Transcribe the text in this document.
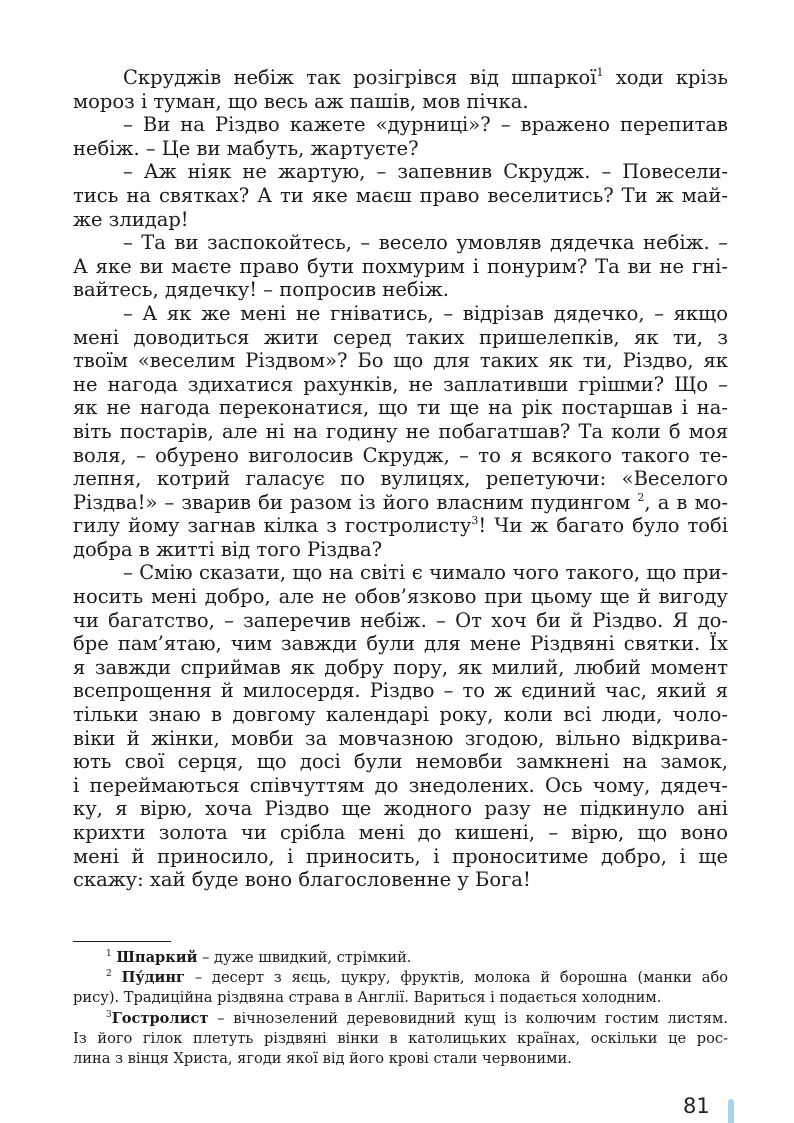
Скруджів небіж так розігрівся від шпаркої$^1$ ходи крізь
мороз і туман, що весь аж пашів, мов пічка.
– Ви на Різдво кажете «дурниці»? – вражено перепитав
небіж. – Це ви мабуть, жартуєте?
– Аж ніяк не жартую, – запевнив Скрудж. – Повесели-
тись на святках? А ти яке маєш право веселитись? Ти ж май-
же злидар!
– Та ви заспокойтесь, – весело умовляв дядечка небіж. –
А яке ви маєте право бути похмурим і понурим? Та ви не гні-
вайтесь, дядечку! – попросив небіж.
– А як же мені не гніватись, – відрізав дядечко, – якщо
мені доводиться жити серед таких пришелепків, як ти, з
твоїм «веселим Різдвом»? Бо що для таких як ти, Різдво, як
не нагода здихатися рахунків, не заплативши грішми? Що –
як не нагода переконатися, що ти ще на рік постаршав і на-
віть постарів, але ні на годину не побагатшав? Та коли б моя
воля, – обурено виголосив Скрудж, – то я всякого такого те-
лепня, котрий галасує по вулицях, репетуючи: «Веселого
Різдва!» – зварив би разом із його власним пудингом $^2$, а в мо-
гилу йому загнав кілка з гостролисту$^3$! Чи ж багато було тобі
добра в житті від того Різдва?
– Смію сказати, що на світі є чимало чого такого, що при-
носить мені добро, але не обов’язково при цьому ще й вигоду
чи багатство, – заперечив небіж. – От хоч би й Різдво. Я до-
бре пам’ятаю, чим завжди були для мене Різдвяні святки. Їх
я завжди сприймав як добру пору, як милий, любий момент
всепрощення й милосердя. Різдво – то ж єдиний час, який я
тільки знаю в довгому календарі року, коли всі люди, чоло-
віки й жінки, мовби за мовчазною згодою, вільно відкрива-
ють свої серця, що досі були немовби замкнені на замок,
і переймаються співчуттям до знедолених. Ось чому, дядеч-
ку, я вірю, хоча Різдво ще жодного разу не підкинуло ані
крихти золота чи срібла мені до кишені, – вірю, що воно
мені й приносило, і приносить, і проноситиме добро, і ще
скажу: хай буде воно благословенне у Бога!
$^1$ Шпаркий – дуже швидкий, стрімкий.
$^2$ Пу́динг – десерт з яєць, цукру, фруктів, молока й борошна (манки або
рису). Традиційна різдвяна страва в Англії. Вариться і подається холодним.
$^3$Гостролист – вічнозелений деревовидний кущ із колючим гостим листям.
Із його гілок плетуть різдвяні вінки в католицьких країнах, оскільки це рос-
лина з вінця Христа, ягоди якої від його крові стали червоними.
81
